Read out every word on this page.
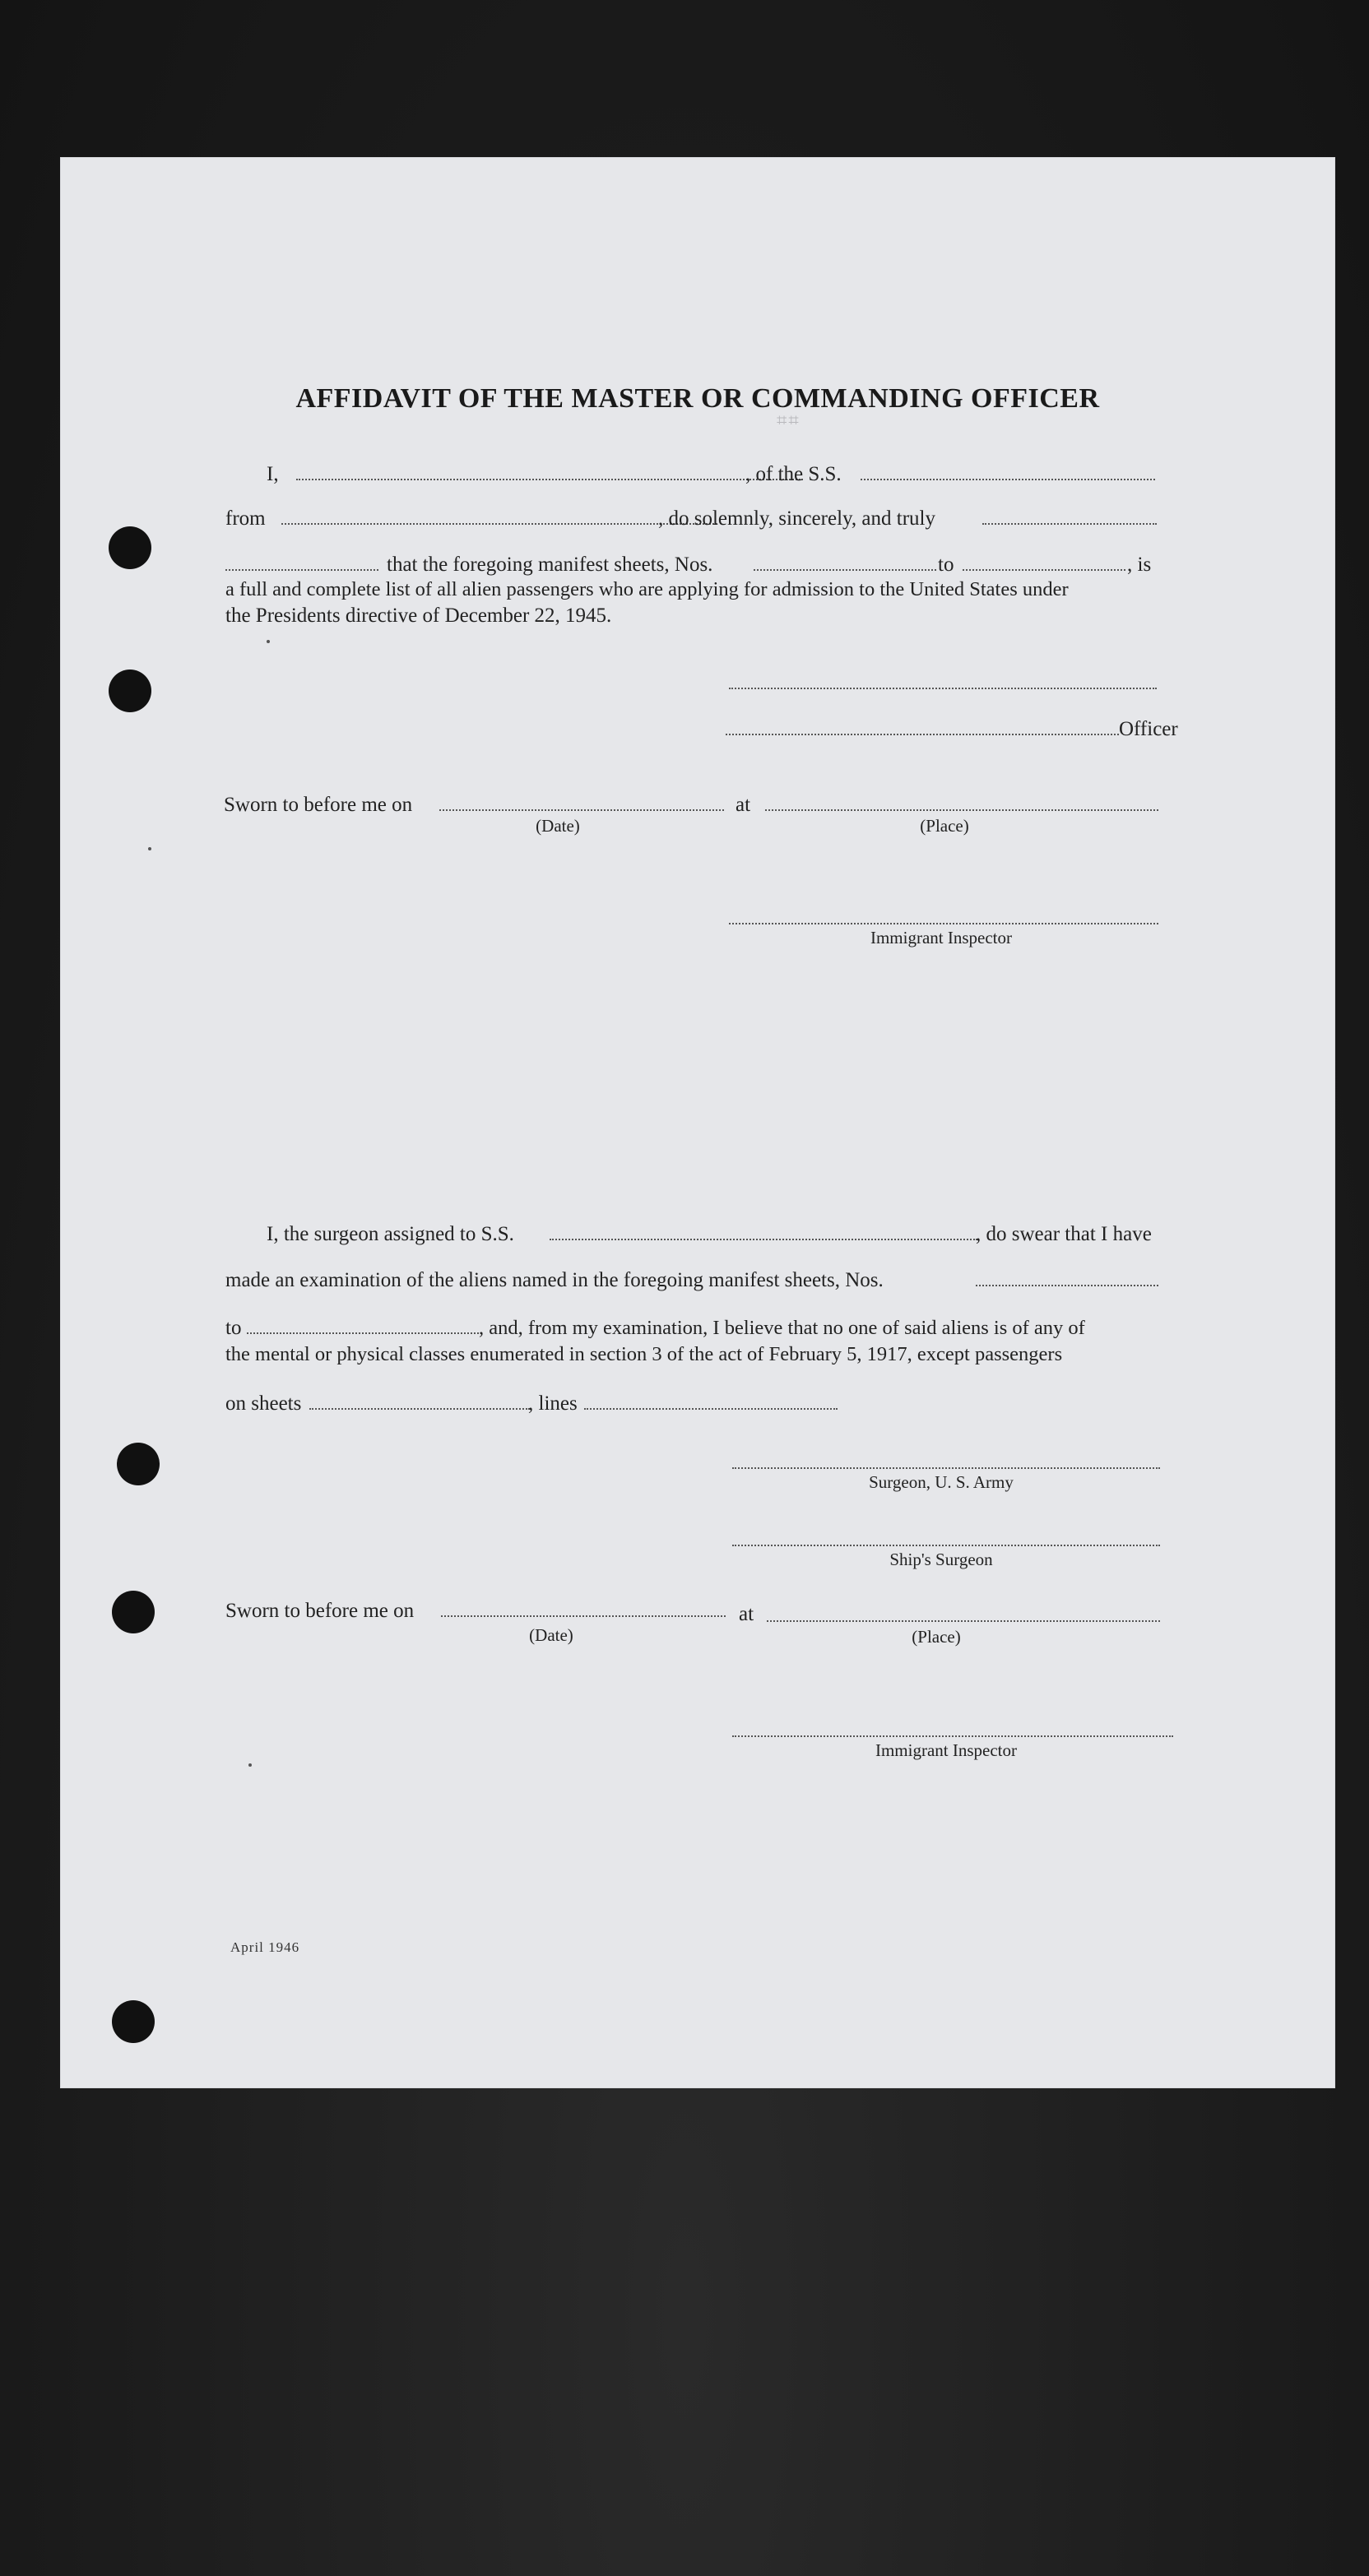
⌗⌗
AFFIDAVIT OF THE MASTER OR COMMANDING OFFICER
I,	, of the S.S.
from	, do solemnly, sincerely, and truly
that the foregoing manifest sheets, Nos.	to	, is
a full and complete list of all alien passengers who are applying for admission to the United States under
the Presidents directive of December 22, 1945.
Officer
Sworn to before me on	at
(Date)	(Place)
Immigrant Inspector
I, the surgeon assigned to S.S.	, do swear that I have
made an examination of the aliens named in the foregoing manifest sheets, Nos.
to	, and, from my examination, I believe that no one of said aliens is of any of
the mental or physical classes enumerated in section 3 of the act of February 5, 1917, except passengers
on sheets	, lines
Surgeon, U. S. Army
Ship's Surgeon
Sworn to before me on	at
(Date)	(Place)
Immigrant Inspector
April 1946
